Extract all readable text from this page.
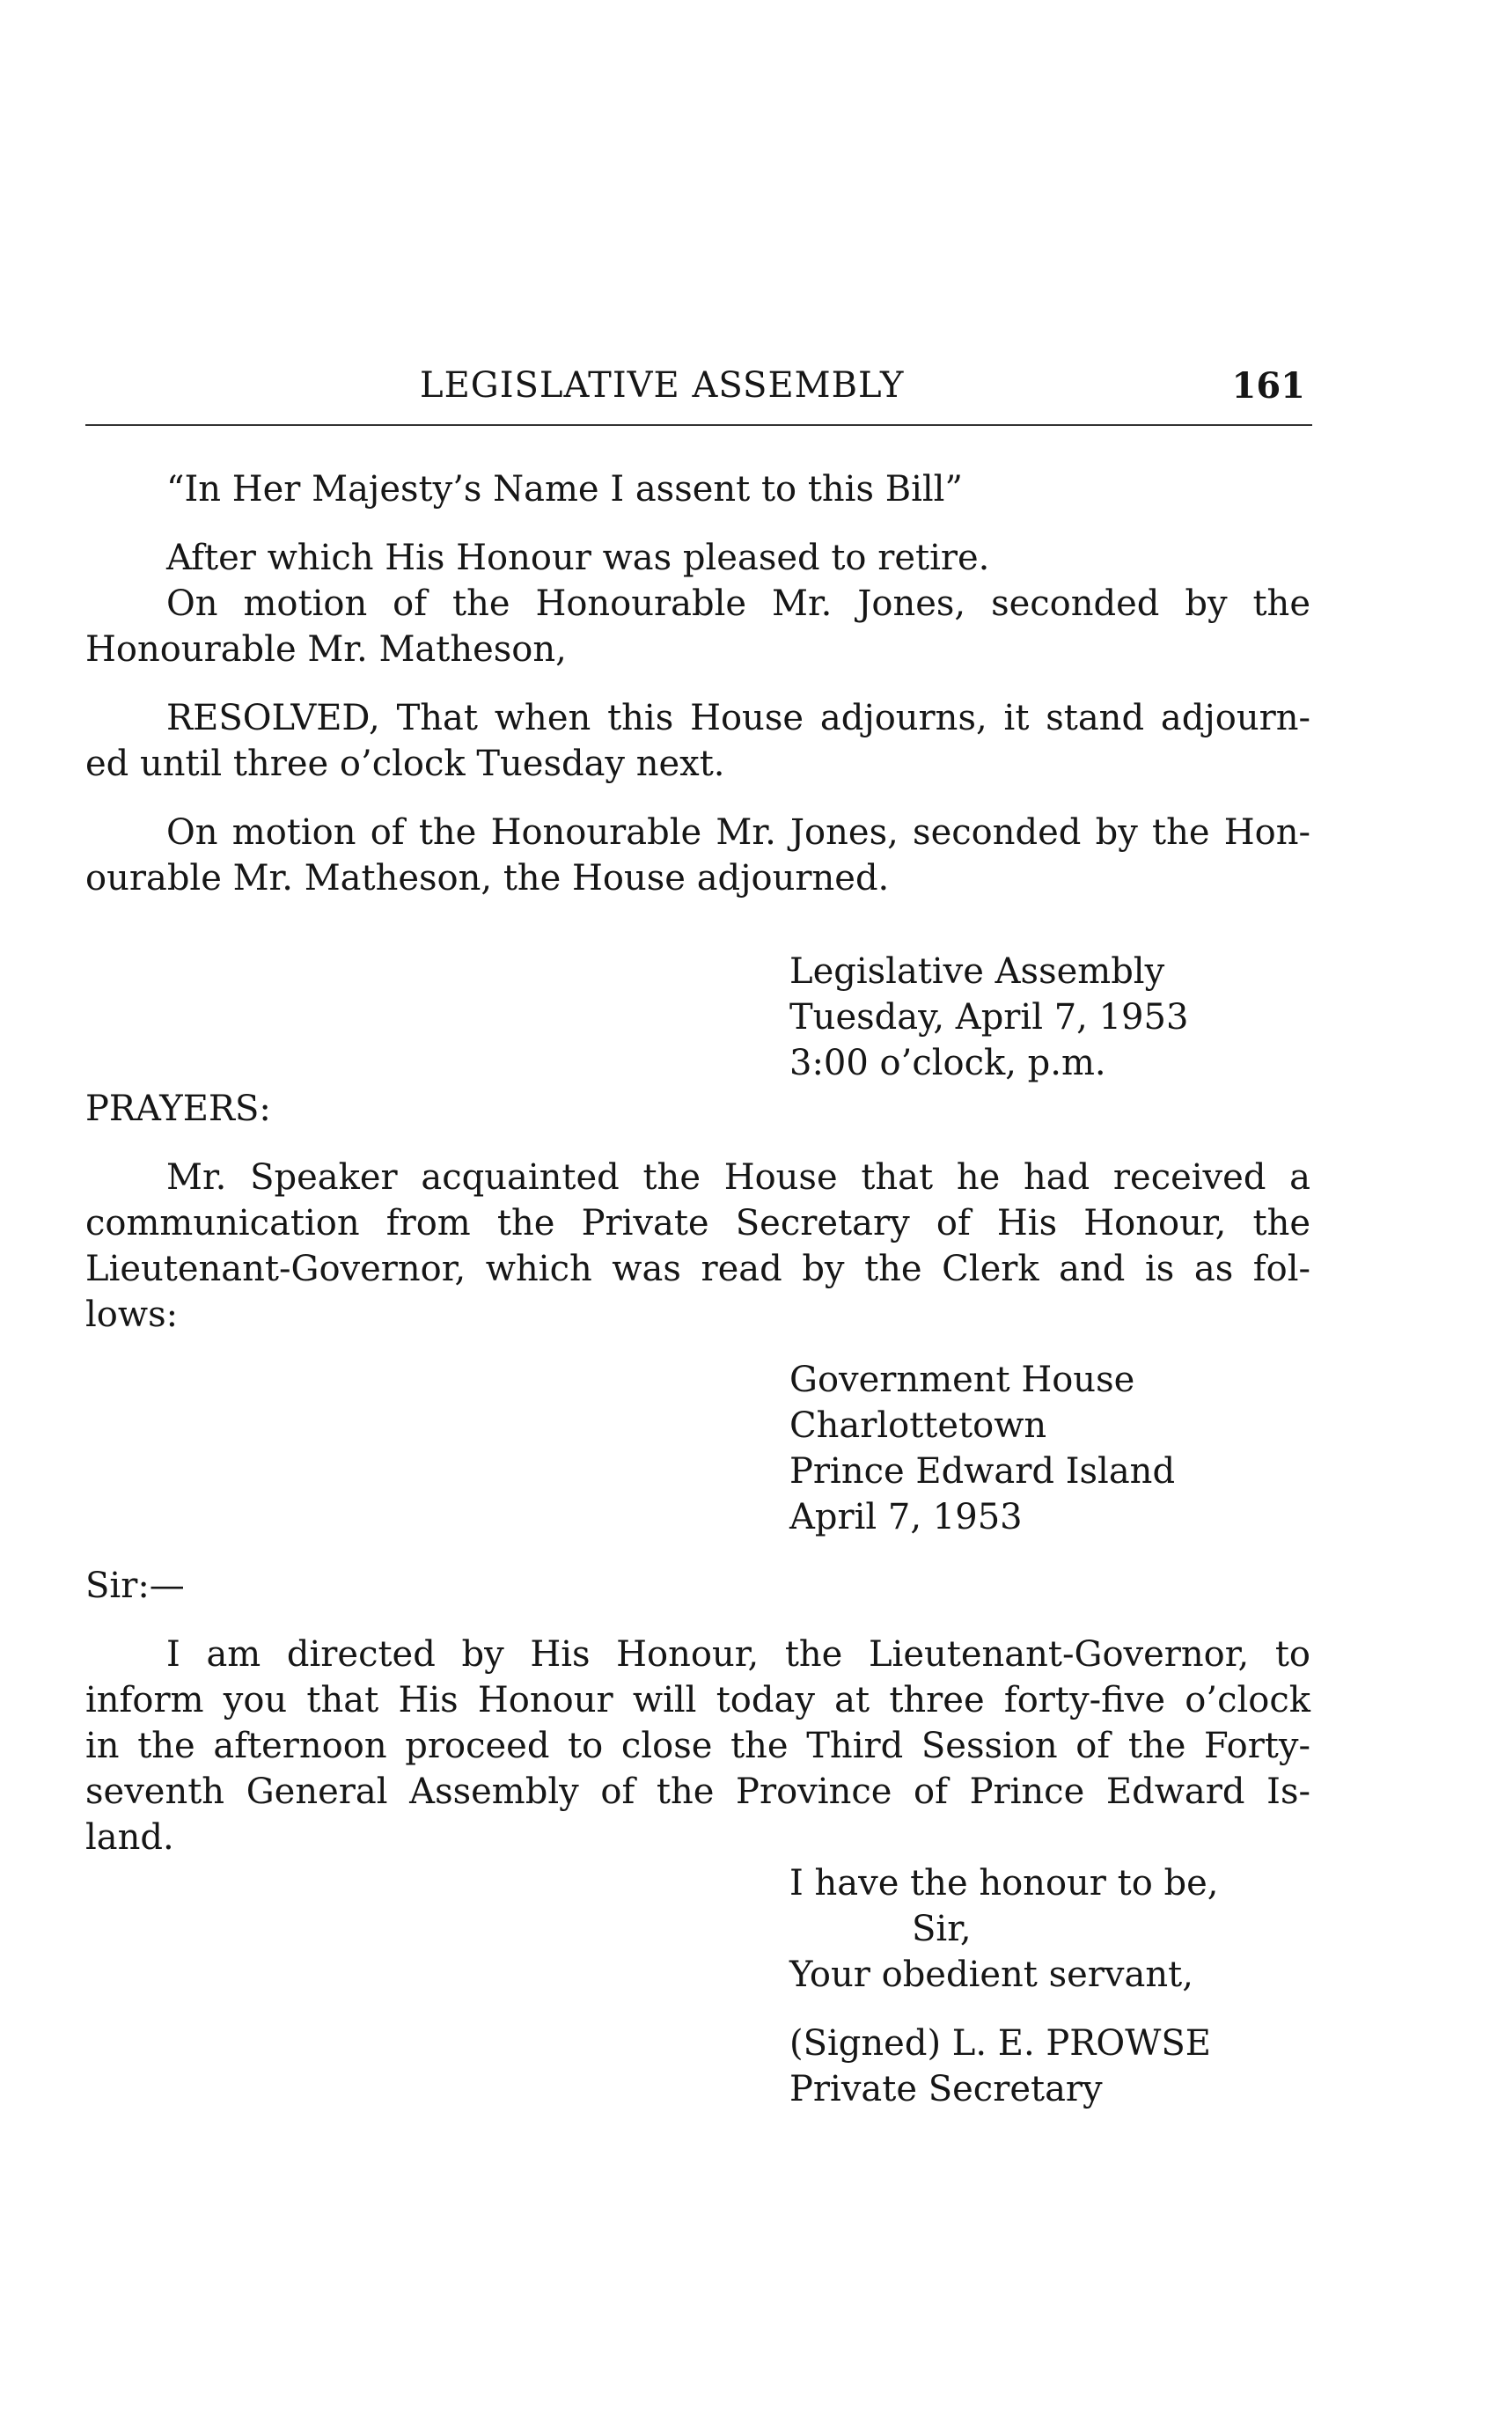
LEGISLATIVE ASSEMBLY	161
“In Her Majesty’s Name I assent to this Bill”
After which His Honour was pleased to retire.
On motion of the Honourable Mr. Jones, seconded by the
Honourable Mr. Matheson,
RESOLVED, That when this House adjourns, it stand adjourn-
ed until three o’clock Tuesday next.
On motion of the Honourable Mr. Jones, seconded by the Hon-
ourable Mr. Matheson, the House adjourned.
Legislative Assembly
Tuesday, April 7, 1953
3:00 o’clock, p.m.
PRAYERS:
Mr. Speaker acquainted the House that he had received a
communication from the Private Secretary of His Honour, the
Lieutenant-Governor, which was read by the Clerk and is as fol-
lows:
Government House
Charlottetown
Prince Edward Island
April 7, 1953
Sir:—
I am directed by His Honour, the Lieutenant-Governor, to
inform you that His Honour will today at three forty-five o’clock
in the afternoon proceed to close the Third Session of the Forty-
seventh General Assembly of the Province of Prince Edward Is-
land.
I have the honour to be,
Sir,
Your obedient servant,
(Signed) L. E. PROWSE
Private Secretary
